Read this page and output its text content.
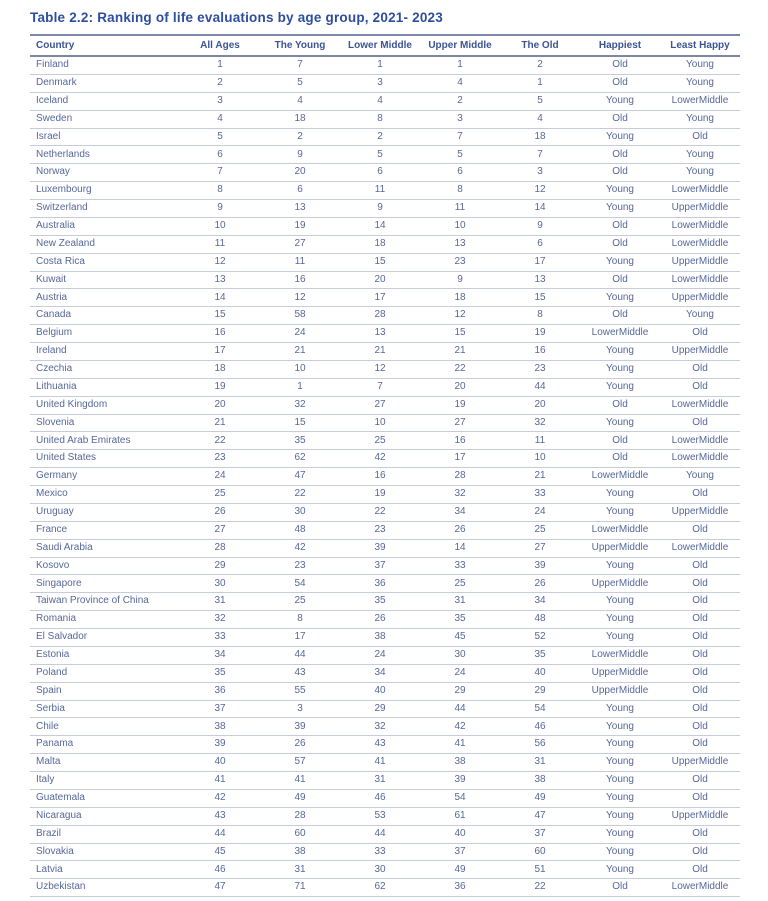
Table 2.2: Ranking of life evaluations by age group, 2021- 2023
Country	All Ages	The Young	Lower Middle	Upper Middle	The Old	Happiest	Least Happy
Finland	1	7	1	1	2	Old	Young
Denmark	2	5	3	4	1	Old	Young
Iceland	3	4	4	2	5	Young	LowerMiddle
Sweden	4	18	8	3	4	Old	Young
Israel	5	2	2	7	18	Young	Old
Netherlands	6	9	5	5	7	Old	Young
Norway	7	20	6	6	3	Old	Young
Luxembourg	8	6	11	8	12	Young	LowerMiddle
Switzerland	9	13	9	11	14	Young	UpperMiddle
Australia	10	19	14	10	9	Old	LowerMiddle
New Zealand	11	27	18	13	6	Old	LowerMiddle
Costa Rica	12	11	15	23	17	Young	UpperMiddle
Kuwait	13	16	20	9	13	Old	LowerMiddle
Austria	14	12	17	18	15	Young	UpperMiddle
Canada	15	58	28	12	8	Old	Young
Belgium	16	24	13	15	19	LowerMiddle	Old
Ireland	17	21	21	21	16	Young	UpperMiddle
Czechia	18	10	12	22	23	Young	Old
Lithuania	19	1	7	20	44	Young	Old
United Kingdom	20	32	27	19	20	Old	LowerMiddle
Slovenia	21	15	10	27	32	Young	Old
United Arab Emirates	22	35	25	16	11	Old	LowerMiddle
United States	23	62	42	17	10	Old	LowerMiddle
Germany	24	47	16	28	21	LowerMiddle	Young
Mexico	25	22	19	32	33	Young	Old
Uruguay	26	30	22	34	24	Young	UpperMiddle
France	27	48	23	26	25	LowerMiddle	Old
Saudi Arabia	28	42	39	14	27	UpperMiddle	LowerMiddle
Kosovo	29	23	37	33	39	Young	Old
Singapore	30	54	36	25	26	UpperMiddle	Old
Taiwan Province of China	31	25	35	31	34	Young	Old
Romania	32	8	26	35	48	Young	Old
El Salvador	33	17	38	45	52	Young	Old
Estonia	34	44	24	30	35	LowerMiddle	Old
Poland	35	43	34	24	40	UpperMiddle	Old
Spain	36	55	40	29	29	UpperMiddle	Old
Serbia	37	3	29	44	54	Young	Old
Chile	38	39	32	42	46	Young	Old
Panama	39	26	43	41	56	Young	Old
Malta	40	57	41	38	31	Young	UpperMiddle
Italy	41	41	31	39	38	Young	Old
Guatemala	42	49	46	54	49	Young	Old
Nicaragua	43	28	53	61	47	Young	UpperMiddle
Brazil	44	60	44	40	37	Young	Old
Slovakia	45	38	33	37	60	Young	Old
Latvia	46	31	30	49	51	Young	Old
Uzbekistan	47	71	62	36	22	Old	LowerMiddle
